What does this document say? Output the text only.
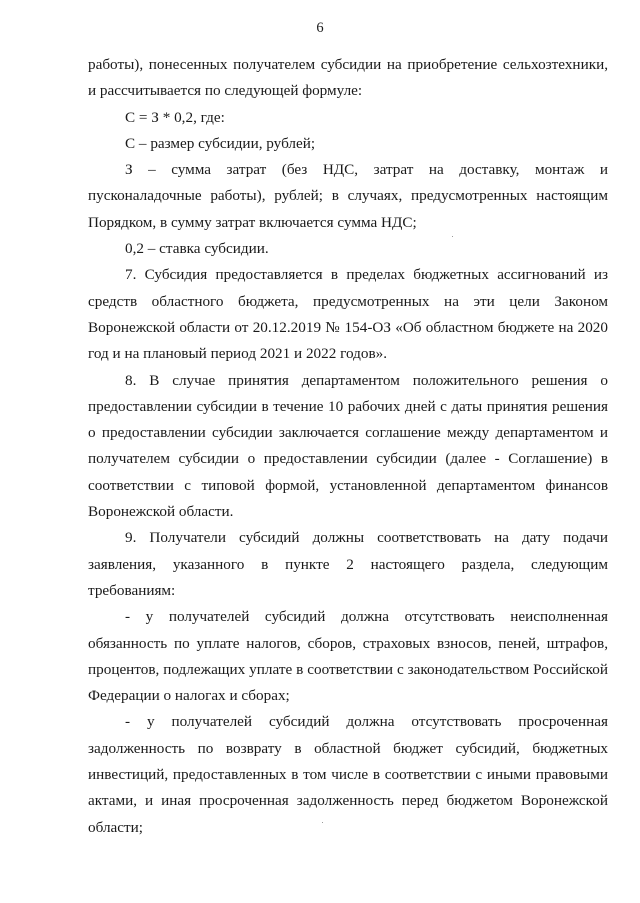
6

работы), понесенных получателем субсидии на приобретение сельхозтехники, и рассчитывается по следующей формуле:

С = З * 0,2, где:

С – размер субсидии, рублей;

З – сумма затрат (без НДС, затрат на доставку, монтаж и пусконаладочные работы), рублей; в случаях, предусмотренных настоящим Порядком, в сумму затрат включается сумма НДС;

0,2 – ставка субсидии.

7. Субсидия предоставляется в пределах бюджетных ассигнований из средств областного бюджета, предусмотренных на эти цели Законом Воронежской области от 20.12.2019 № 154-ОЗ «Об областном бюджете на 2020 год и на плановый период 2021 и 2022 годов».

8. В случае принятия департаментом положительного решения о предоставлении субсидии в течение 10 рабочих дней с даты принятия решения о предоставлении субсидии заключается соглашение между департаментом и получателем субсидии о предоставлении субсидии (далее - Соглашение) в соответствии с типовой формой, установленной департаментом финансов Воронежской области.

9. Получатели субсидий должны соответствовать на дату подачи заявления, указанного в пункте 2 настоящего раздела, следующим требованиям:

- у получателей субсидий должна отсутствовать неисполненная обязанность по уплате налогов, сборов, страховых взносов, пеней, штрафов, процентов, подлежащих уплате в соответствии с законодательством Российской Федерации о налогах и сборах;

- у получателей субсидий должна отсутствовать просроченная задолженность по возврату в областной бюджет субсидий, бюджетных инвестиций, предоставленных в том числе в соответствии с иными правовыми актами, и иная просроченная задолженность перед бюджетом Воронежской области;
